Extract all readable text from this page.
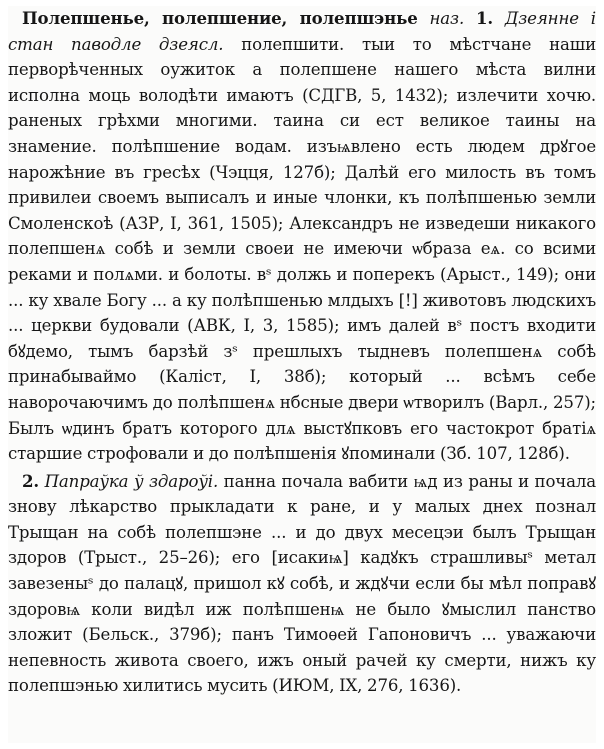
Полепшенье, полепшение, полепшэнье наз. 1. Дзеянне і стан паводле дзеясл. полепшити. тыи то мѣстчане наши перворѣченных оужиток а полепшене нашего мѣста вилни исполна моць володѣти имаютъ (СДГВ, 5, 1432); излечити хочю. раненых грѣхми многими. таина си ест великое таины на знамение. полѣпшение водам. изъѩвлено есть людем дрꙋгое нарожѣние въ гресѣх (Чэцця, 127б); Далѣй его милость въ томъ привилеи своемъ выписалъ и иные члонки, къ полѣпшенью земли Смоленскоѣ (АЗР, I, 361, 1505); Александръ не изведеши никакого полепшенѧ собѣ и земли своеи не имеючи ѡбраза еѧ. со всими реками и полѧми. и болоты. вˢ должь и поперекъ (Арыст., 149); они ... ку хвале Богу ... а ку полѣпшенью млдыхъ [!] животовъ людскихъ ... церкви будовали (АВК, I, 3, 1585); имъ далей вˢ постъ входити бꙋдемо, тымъ барзѣй зˢ прешлыхъ тыдневъ полепшенѧ собѣ принабываймо (Каліст, I, 38б); который ... всѣмъ себе наворочаючимъ до полѣпшенѧ нбсные двери ѡтворилъ (Варл., 257); Былъ ѡдинъ братъ которого длѧ выстꙋпковъ его частокрот братіѧ старшие строфовали и до полѣпшенія ꙋпоминали (Зб. 107, 128б).

2. Папраўка ў здароўі. панна почала вабити ѩд из раны и почала знову лѣкарство прыкладати к ране, и у малых днех познал Трыщан на собѣ полепшэне ... и до двух месецэи былъ Трыщан здоров (Трыст., 25–26); его [исакиѩ] кадꙋкъ страшливыˢ метал завезеныˢ до палацꙋ, пришол кꙋ собѣ, и ждꙋчи если бы мѣл поправꙋ здоровѩ коли видѣл иж полѣпшенѩ не было ꙋмыслил панство зложит (Бельск., 379б); панъ Тимоѳей Гапоновичъ ... уважаючи непевность живота своего, ижъ оный рачей ку смерти, нижъ ку полепшэнью хилитись мусить (ИЮМ, IX, 276, 1636).
